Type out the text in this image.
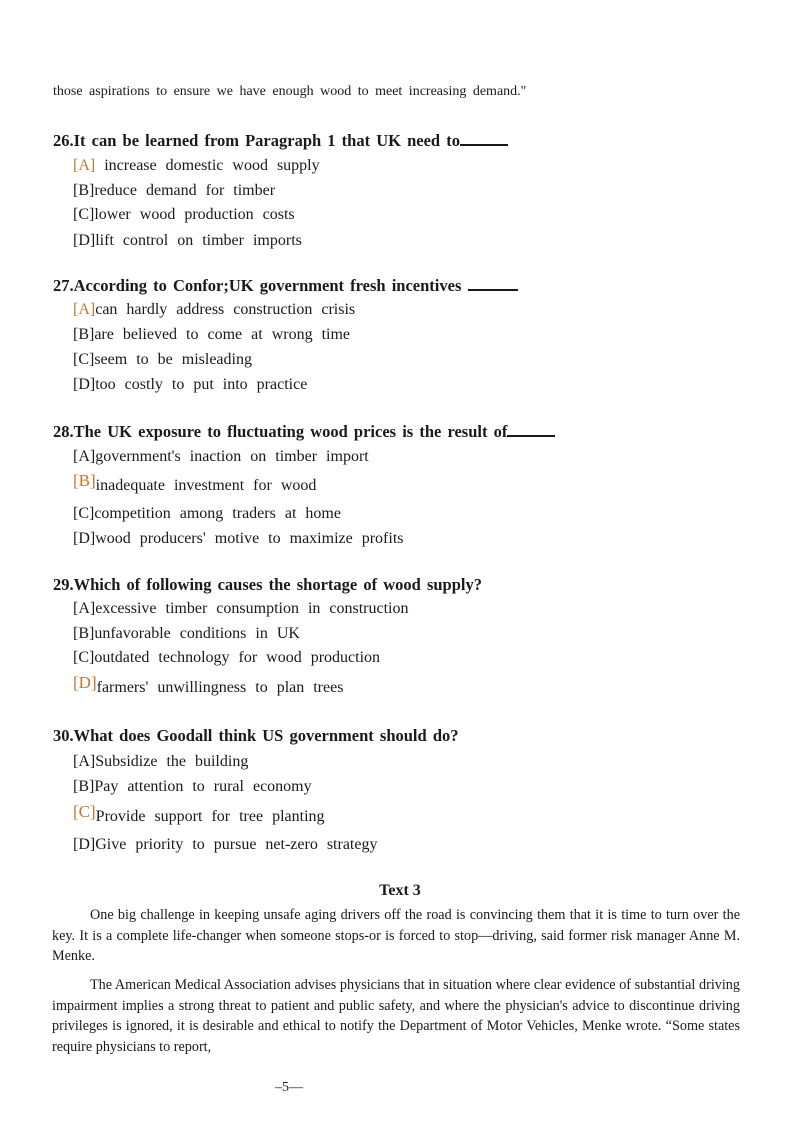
those aspirations to ensure we have enough wood to meet increasing demand."
26.It can be learned from Paragraph 1 that UK need to
[A] increase domestic wood supply
[B]reduce demand for timber
[C]lower wood production costs
[D]lift control on timber imports
27.According to Confor;UK government fresh incentives
[A]can hardly address construction crisis
[B]are believed to come at wrong time
[C]seem to be misleading
[D]too costly to put into practice
28.The UK exposure to fluctuating wood prices is the result of
[A]government's inaction on timber import
[B]inadequate investment for wood
[C]competition among traders at home
[D]wood producers' motive to maximize profits
29.Which of following causes the shortage of wood supply?
[A]excessive timber consumption in construction
[B]unfavorable conditions in UK
[C]outdated technology for wood production
[D]farmers' unwillingness to plan trees
30.What does Goodall think US government should do?
[A]Subsidize the building
[B]Pay attention to rural economy
[C]Provide support for tree planting
[D]Give priority to pursue net-zero strategy
Text 3
One big challenge in keeping unsafe aging drivers off the road is convincing them that it is time to turn over the key. It is a complete life-changer when someone stops-or is forced to stop—driving, said former risk manager Anne M. Menke.
The American Medical Association advises physicians that in situation where clear evidence of substantial driving impairment implies a strong threat to patient and public safety, and where the physician's advice to discontinue driving privileges is ignored, it is desirable and ethical to notify the Department of Motor Vehicles, Menke wrote. “Some states require physicians to report,
–5—
